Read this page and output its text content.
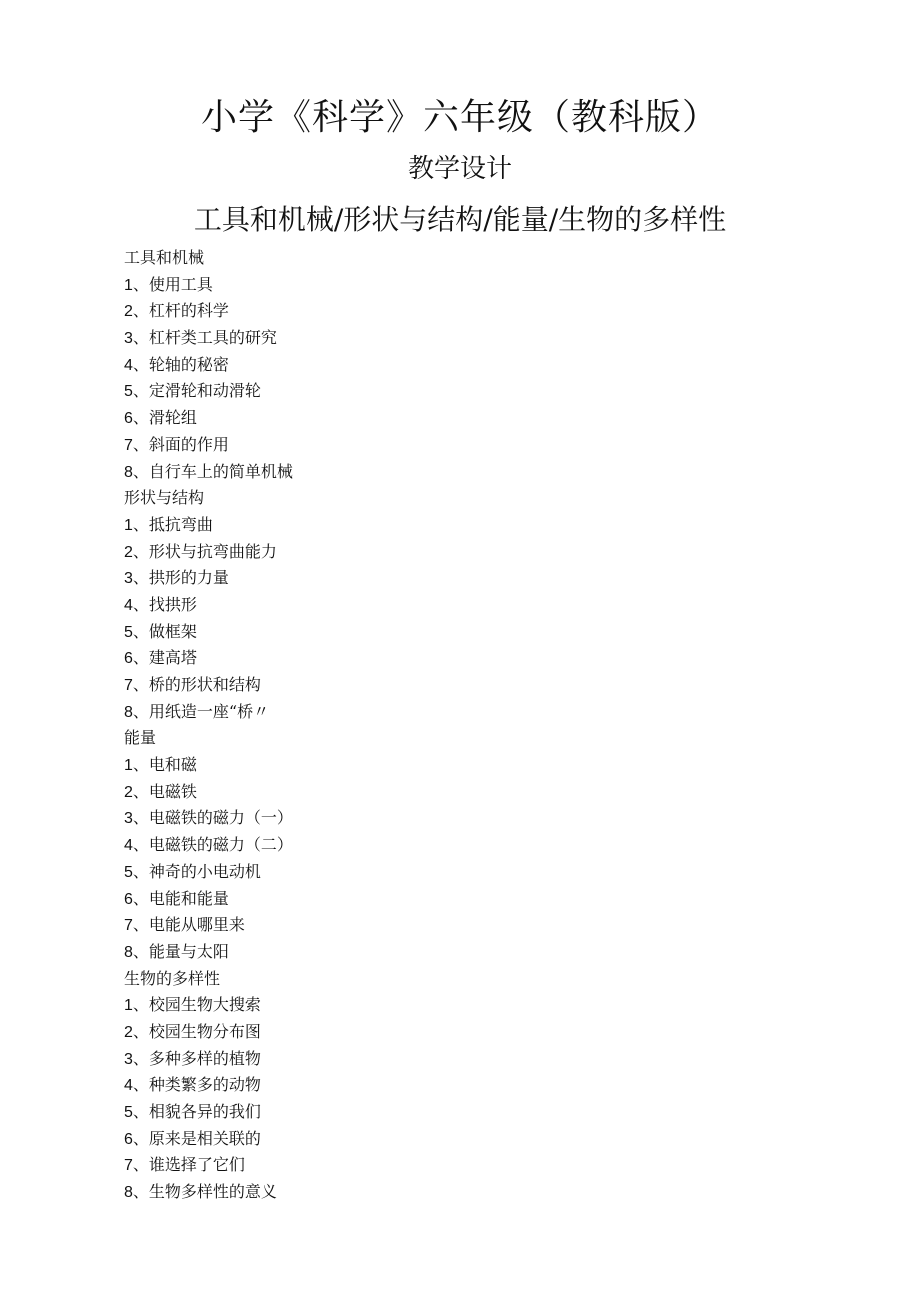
小学《科学》六年级（教科版）
教学设计
工具和机械/形状与结构/能量/生物的多样性
工具和机械
1、使用工具
2、杠杆的科学
3、杠杆类工具的研究
4、轮轴的秘密
5、定滑轮和动滑轮
6、滑轮组
7、斜面的作用
8、自行车上的简单机械
形状与结构
1、抵抗弯曲
2、形状与抗弯曲能力
3、拱形的力量
4、找拱形
5、做框架
6、建高塔
7、桥的形状和结构
8、用纸造一座“桥〃
能量
1、电和磁
2、电磁铁
3、电磁铁的磁力（一）
4、电磁铁的磁力（二）
5、神奇的小电动机
6、电能和能量
7、电能从哪里来
8、能量与太阳
生物的多样性
1、校园生物大搜索
2、校园生物分布图
3、多种多样的植物
4、种类繁多的动物
5、相貌各异的我们
6、原来是相关联的
7、谁选择了它们
8、生物多样性的意义
